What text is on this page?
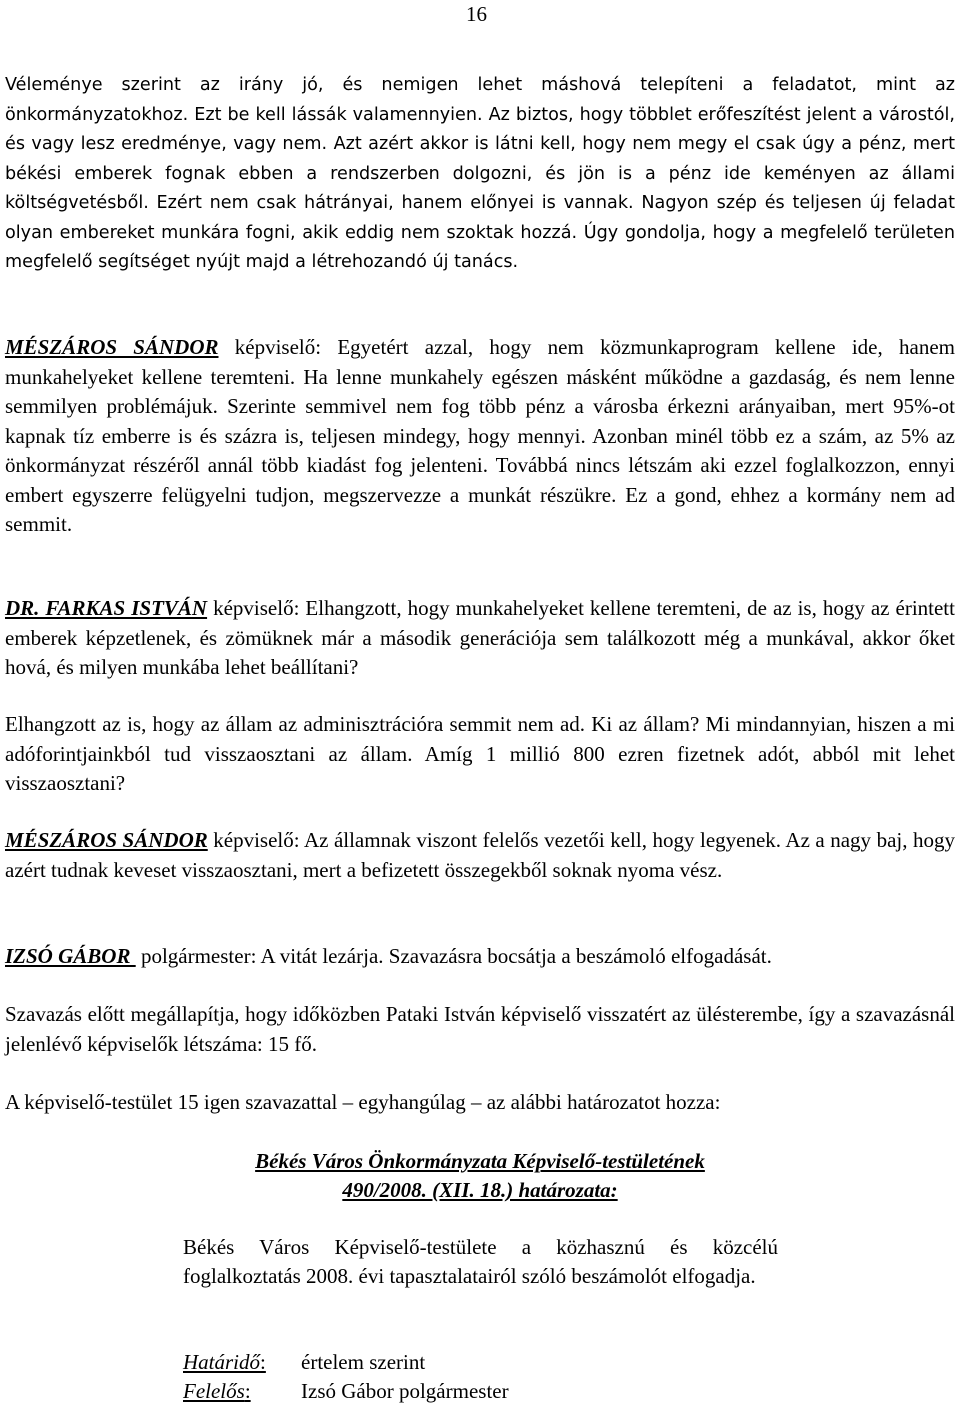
16

Véleménye szerint az irány jó, és nemigen lehet máshová telepíteni a feladatot, mint az önkormányzatokhoz. Ezt be kell lássák valamennyien. Az biztos, hogy többlet erőfeszítést jelent a várostól, és vagy lesz eredménye, vagy nem. Azt azért akkor is látni kell, hogy nem megy el csak úgy a pénz, mert békési emberek fognak ebben a rendszerben dolgozni, és jön is a pénz ide keményen az állami költségvetésből. Ezért nem csak hátrányai, hanem előnyei is vannak. Nagyon szép és teljesen új feladat olyan embereket munkára fogni, akik eddig nem szoktak hozzá. Úgy gondolja, hogy a megfelelő területen megfelelő segítséget nyújt majd a létrehozandó új tanács.

MÉSZÁROS SÁNDOR képviselő: Egyetért azzal, hogy nem közmunkaprogram kellene ide, hanem munkahelyeket kellene teremteni. Ha lenne munkahely egészen másként működne a gazdaság, és nem lenne semmilyen problémájuk. Szerinte semmivel nem fog több pénz a városba érkezni arányaiban, mert 95%-ot kapnak tíz emberre is és százra is, teljesen mindegy, hogy mennyi. Azonban minél több ez a szám, az 5% az önkormányzat részéről annál több kiadást fog jelenteni. Továbbá nincs létszám aki ezzel foglalkozzon, ennyi embert egyszerre felügyelni tudjon, megszervezze a munkát részükre. Ez a gond, ehhez a kormány nem ad semmit.

DR. FARKAS ISTVÁN képviselő: Elhangzott, hogy munkahelyeket kellene teremteni, de az is, hogy az érintett emberek képzetlenek, és zömüknek már a második generációja sem találkozott még a munkával, akkor őket hová, és milyen munkába lehet beállítani?

Elhangzott az is, hogy az állam az adminisztrációra semmit nem ad. Ki az állam? Mi mindannyian, hiszen a mi adóforintjainkból tud visszaosztani az állam. Amíg 1 millió 800 ezren fizetnek adót, abból mit lehet visszaosztani?

MÉSZÁROS SÁNDOR képviselő: Az államnak viszont felelős vezetői kell, hogy legyenek. Az a nagy baj, hogy azért tudnak keveset visszaosztani, mert a befizetett összegekből soknak nyoma vész.

IZSÓ GÁBOR  polgármester: A vitát lezárja. Szavazásra bocsátja a beszámoló elfogadását.

Szavazás előtt megállapítja, hogy időközben Pataki István képviselő visszatért az ülésterembe, így a szavazásnál jelenlévő képviselők létszáma: 15 fő.

A képviselő-testület 15 igen szavazattal – egyhangúlag – az alábbi határozatot hozza:

Békés Város Önkormányzata Képviselő-testületének
490/2008. (XII. 18.) határozata:

Békés Város Képviselő-testülete a közhasznú és közcélú foglalkoztatás 2008. évi tapasztalatairól szóló beszámolót elfogadja.

Határidő: értelem szerint
Felelős: Izsó Gábor polgármester
